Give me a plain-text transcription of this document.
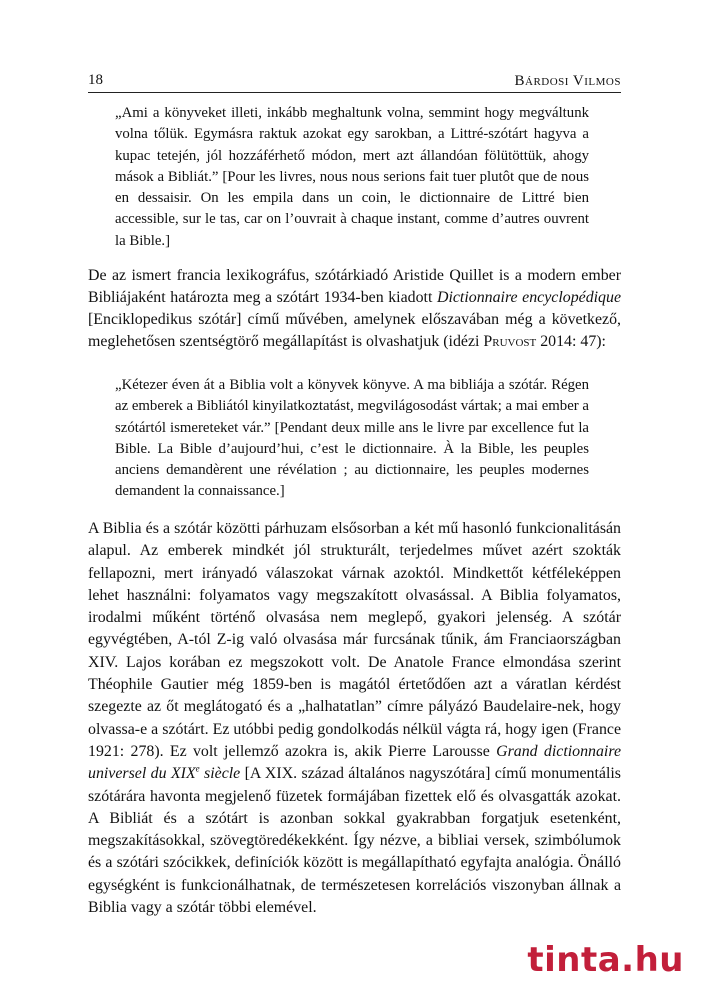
18	Bárdosi Vilmos

„Ami a könyveket illeti, inkább meghaltunk volna, semmint hogy megváltunk volna tőlük. Egymásra raktuk azokat egy sarokban, a Littré-szótárt hagyva a kupac tetején, jól hozzáférhető módon, mert azt állandóan fölütöttük, ahogy mások a Bibliát.” [Pour les livres, nous nous serions fait tuer plutôt que de nous en dessaisir. On les empila dans un coin, le dictionnaire de Littré bien accessible, sur le tas, car on l’ouvrait à chaque instant, comme d’autres ouvrent la Bible.]

De az ismert francia lexikográfus, szótárkiadó Aristide Quillet is a modern ember Bibliájaként határozta meg a szótárt 1934-ben kiadott Dictionnaire encyclopédique [Enciklopedikus szótár] című művében, amelynek előszavában még a következő, meglehetősen szentségtörő megállapítást is olvashatjuk (idézi Pruvost 2014: 47):

„Kétezer éven át a Biblia volt a könyvek könyve. A ma bibliája a szótár. Régen az emberek a Bibliától kinyilatkoztatást, megvilágosodást vártak; a mai ember a szótártól ismereteket vár.” [Pendant deux mille ans le livre par excellence fut la Bible. La Bible d’aujourd’hui, c’est le dictionnaire. À la Bible, les peuples anciens demandèrent une révélation ; au dictionnaire, les peuples modernes demandent la connaissance.]

A Biblia és a szótár közötti párhuzam elsősorban a két mű hasonló funkcionalitásán alapul. Az emberek mindkét jól strukturált, terjedelmes művet azért szokták fellapozni, mert irányadó válaszokat várnak azoktól. Mindkettőt kétféleképpen lehet használni: folyamatos vagy megszakított olvasással. A Biblia folyamatos, irodalmi műként történő olvasása nem meglepő, gyakori jelenség. A szótár egyvégtében, A-tól Z-ig való olvasása már furcsának tűnik, ám Franciaországban XIV. Lajos korában ez megszokott volt. De Anatole France elmondása szerint Théophile Gautier még 1859-ben is magától értetődően azt a váratlan kérdést szegezte az őt meglátogató és a „halhatatlan” címre pályázó Baudelaire-nek, hogy olvassa-e a szótárt. Ez utóbbi pedig gondolkodás nélkül vágta rá, hogy igen (France 1921: 278). Ez volt jellemző azokra is, akik Pierre Larousse Grand dictionnaire universel du XIXe siècle [A XIX. század általános nagyszótára] című monumentális szótárára havonta megjelenő füzetek formájában fizettek elő és olvasgatták azokat. A Bibliát és a szótárt is azonban sokkal gyakrabban forgatjuk esetenként, megszakításokkal, szövegtöredékekként. Így nézve, a bibliai versek, szimbólumok és a szótári szócikkek, definíciók között is megállapítható egyfajta analógia. Önálló egységként is funkcionálhatnak, de természetesen korrelációs viszonyban állnak a Biblia vagy a szótár többi elemével.

tinta.hu
